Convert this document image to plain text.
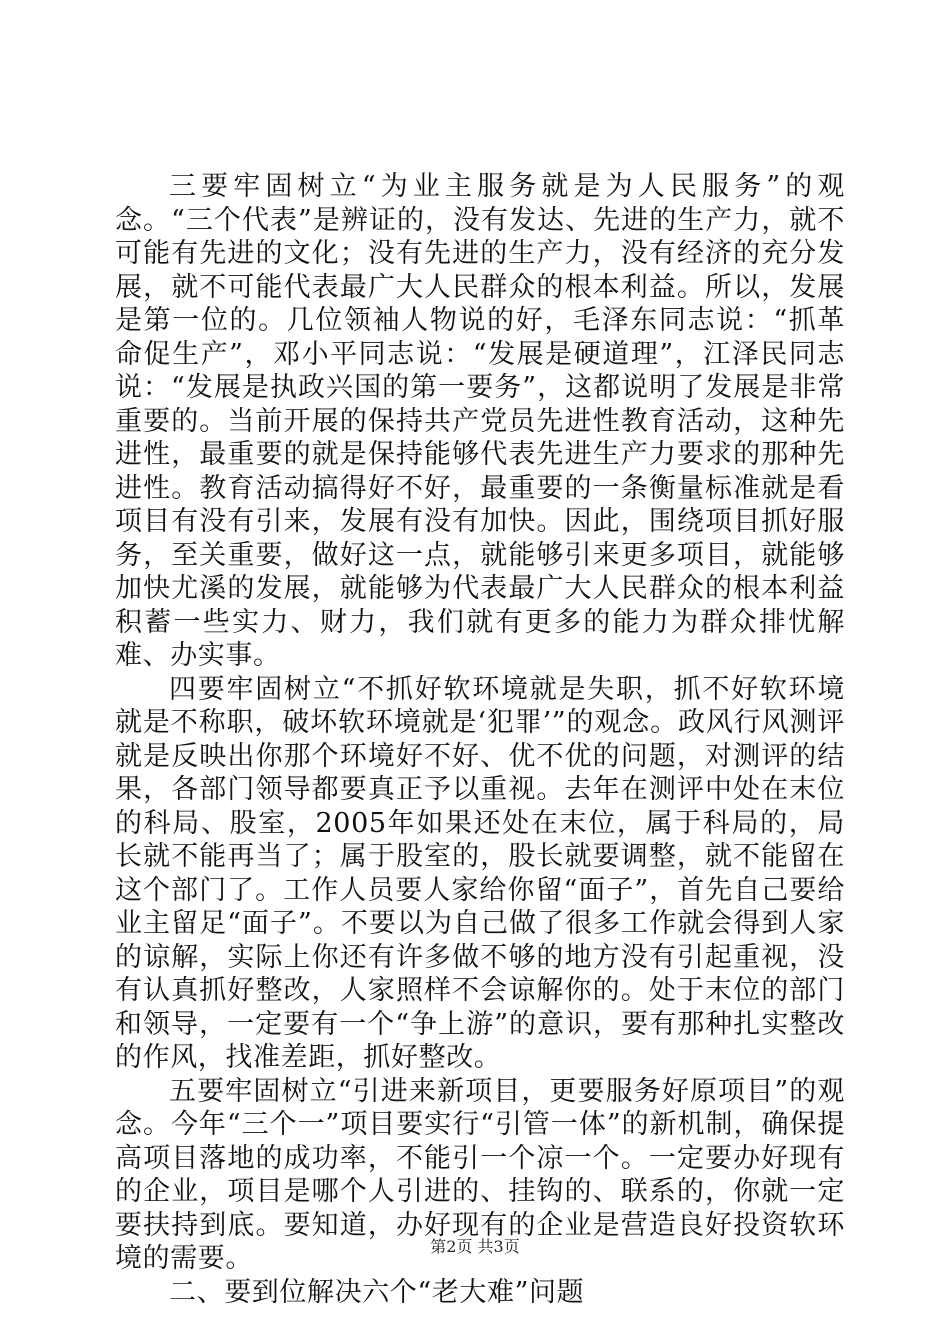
三要牢固树立“为业主服务就是为人民服务”的观念。“三个代表”是辨证的，没有发达、先进的生产力，就不可能有先进的文化；没有先进的生产力，没有经济的充分发展，就不可能代表最广大人民群众的根本利益。所以，发展是第一位的。几位领袖人物说的好，毛泽东同志说：“抓革命促生产”，邓小平同志说：“发展是硬道理”，江泽民同志说：“发展是执政兴国的第一要务”，这都说明了发展是非常重要的。当前开展的保持共产党员先进性教育活动，这种先进性，最重要的就是保持能够代表先进生产力要求的那种先进性。教育活动搞得好不好，最重要的一条衡量标准就是看项目有没有引来，发展有没有加快。因此，围绕项目抓好服务，至关重要，做好这一点，就能够引来更多项目，就能够加快尤溪的发展，就能够为代表最广大人民群众的根本利益积蓄一些实力、财力，我们就有更多的能力为群众排忧解难、办实事。

四要牢固树立“不抓好软环境就是失职，抓不好软环境就是不称职，破坏软环境就是‘犯罪’”的观念。政风行风测评就是反映出你那个环境好不好、优不优的问题，对测评的结果，各部门领导都要真正予以重视。去年在测评中处在末位的科局、股室，2005年如果还处在末位，属于科局的，局长就不能再当了；属于股室的，股长就要调整，就不能留在这个部门了。工作人员要人家给你留“面子”，首先自己要给业主留足“面子”。不要以为自己做了很多工作就会得到人家的谅解，实际上你还有许多做不够的地方没有引起重视，没有认真抓好整改，人家照样不会谅解你的。处于末位的部门和领导，一定要有一个“争上游”的意识，要有那种扎实整改的作风，找准差距，抓好整改。

五要牢固树立“引进来新项目，更要服务好原项目”的观念。今年“三个一”项目要实行“引管一体”的新机制，确保提高项目落地的成功率，不能引一个凉一个。一定要办好现有的企业，项目是哪个人引进的、挂钩的、联系的，你就一定要扶持到底。要知道，办好现有的企业是营造良好投资软环境的需要。

二、要到位解决六个“老大难”问题

第2页 共3页
